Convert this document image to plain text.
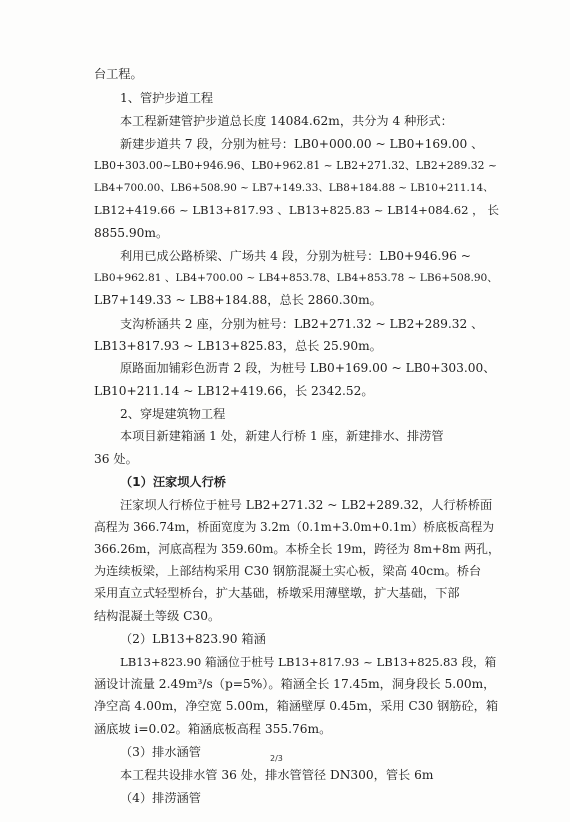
台工程。
1、管护步道工程
本工程新建管护步道总长度 14084.62m，共分为 4 种形式：
新建步道共 7 段，分别为桩号：LB0+000.00 ~ LB0+169.00 、
LB0+303.00~LB0+946.96、LB0+962.81 ~ LB2+271.32、LB2+289.32 ~
LB4+700.00、LB6+508.90 ~ LB7+149.33、LB8+184.88 ~ LB10+211.14、
LB12+419.66 ~ LB13+817.93 、LB13+825.83 ~ LB14+084.62 ， 长
8855.90m。
利用已成公路桥梁、广场共 4 段，分别为桩号：LB0+946.96 ~
LB0+962.81 、LB4+700.00 ~ LB4+853.78、LB4+853.78 ~ LB6+508.90、
LB7+149.33 ~ LB8+184.88，总长 2860.30m。
支沟桥涵共 2 座，分别为桩号：LB2+271.32 ~ LB2+289.32 、
LB13+817.93 ~ LB13+825.83，总长 25.90m。
原路面加铺彩色沥青 2 段，为桩号 LB0+169.00 ~ LB0+303.00、
LB10+211.14 ~ LB12+419.66，长 2342.52。
2、穿堤建筑物工程
本项目新建箱涵 1 处，新建人行桥 1 座，新建排水、排涝管
36 处。
（1）汪家坝人行桥
汪家坝人行桥位于桩号 LB2+271.32 ~ LB2+289.32，人行桥桥面
高程为 366.74m，桥面宽度为 3.2m（0.1m+3.0m+0.1m）桥底板高程为
366.26m，河底高程为 359.60m。本桥全长 19m，跨径为 8m+8m 两孔，
为连续板梁，上部结构采用 C30 钢筋混凝土实心板，梁高 40cm。桥台
采用直立式轻型桥台，扩大基础，桥墩采用薄壁墩，扩大基础，下部
结构混凝土等级 C30。
（2）LB13+823.90 箱涵
LB13+823.90 箱涵位于桩号 LB13+817.93 ~ LB13+825.83 段，箱
涵设计流量 2.49m³/s（p=5%）。箱涵全长 17.45m，洞身段长 5.00m，
净空高 4.00m，净空宽 5.00m，箱涵壁厚 0.45m，采用 C30 钢筋砼，箱
涵底坡 i=0.02。箱涵底板高程 355.76m。
（3）排水涵管
本工程共设排水管 36 处，排水管管径 DN300，管长 6m
（4）排涝涵管
2/3
